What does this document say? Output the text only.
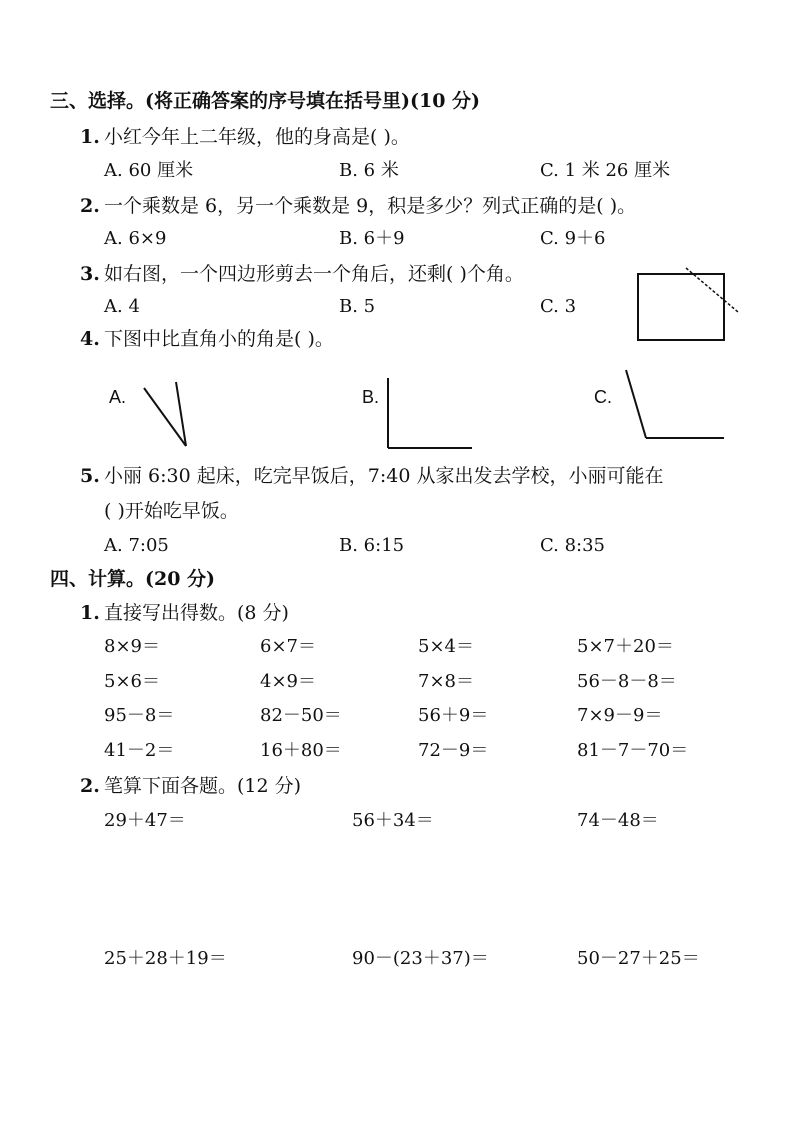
三、选择。(将正确答案的序号填在括号里)(10 分)
1. 小红今年上二年级，他的身高是( )。
A. 60 厘米	B. 6 米	C. 1 米 26 厘米
2. 一个乘数是 6，另一个乘数是 9，积是多少？列式正确的是( )。
A. 6×9	B. 6＋9	C. 9＋6
3. 如右图，一个四边形剪去一个角后，还剩( )个角。
A. 4	B. 5	C. 3
4. 下图中比直角小的角是( )。
A.	B.	C.
5. 小丽 6:30 起床，吃完早饭后，7:40 从家出发去学校，小丽可能在
( )开始吃早饭。
A. 7:05	B. 6:15	C. 8:35
四、计算。(20 分)
1. 直接写出得数。(8 分)
8×9＝	6×7＝	5×4＝	5×7＋20＝
5×6＝	4×9＝	7×8＝	56－8－8＝
95－8＝	82－50＝	56＋9＝	7×9－9＝
41－2＝	16＋80＝	72－9＝	81－7－70＝
2. 笔算下面各题。(12 分)
29＋47＝	56＋34＝	74－48＝
25＋28＋19＝	90－(23＋37)＝	50－27＋25＝
